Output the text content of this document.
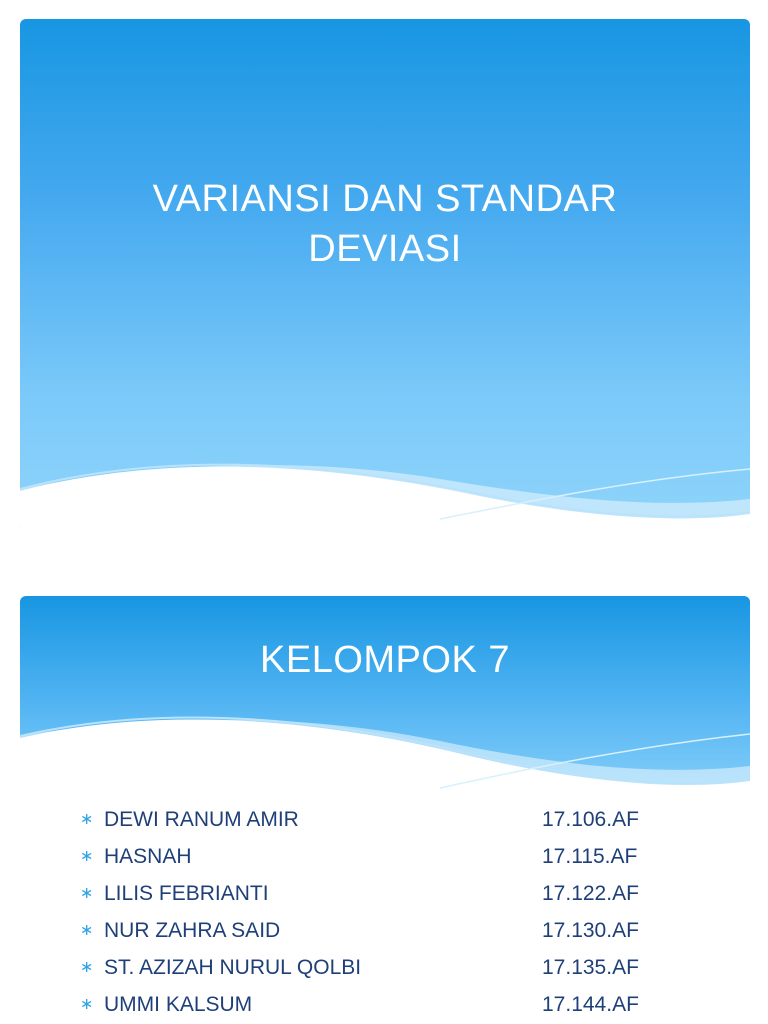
VARIANSI DAN STANDAR
DEVIASI
KELOMPOK 7
∗ DEWI RANUM AMIR	17.106.AF
∗ HASNAH	17.115.AF
∗ LILIS FEBRIANTI	17.122.AF
∗ NUR ZAHRA SAID	17.130.AF
∗ ST. AZIZAH NURUL QOLBI	17.135.AF
∗ UMMI KALSUM	17.144.AF
